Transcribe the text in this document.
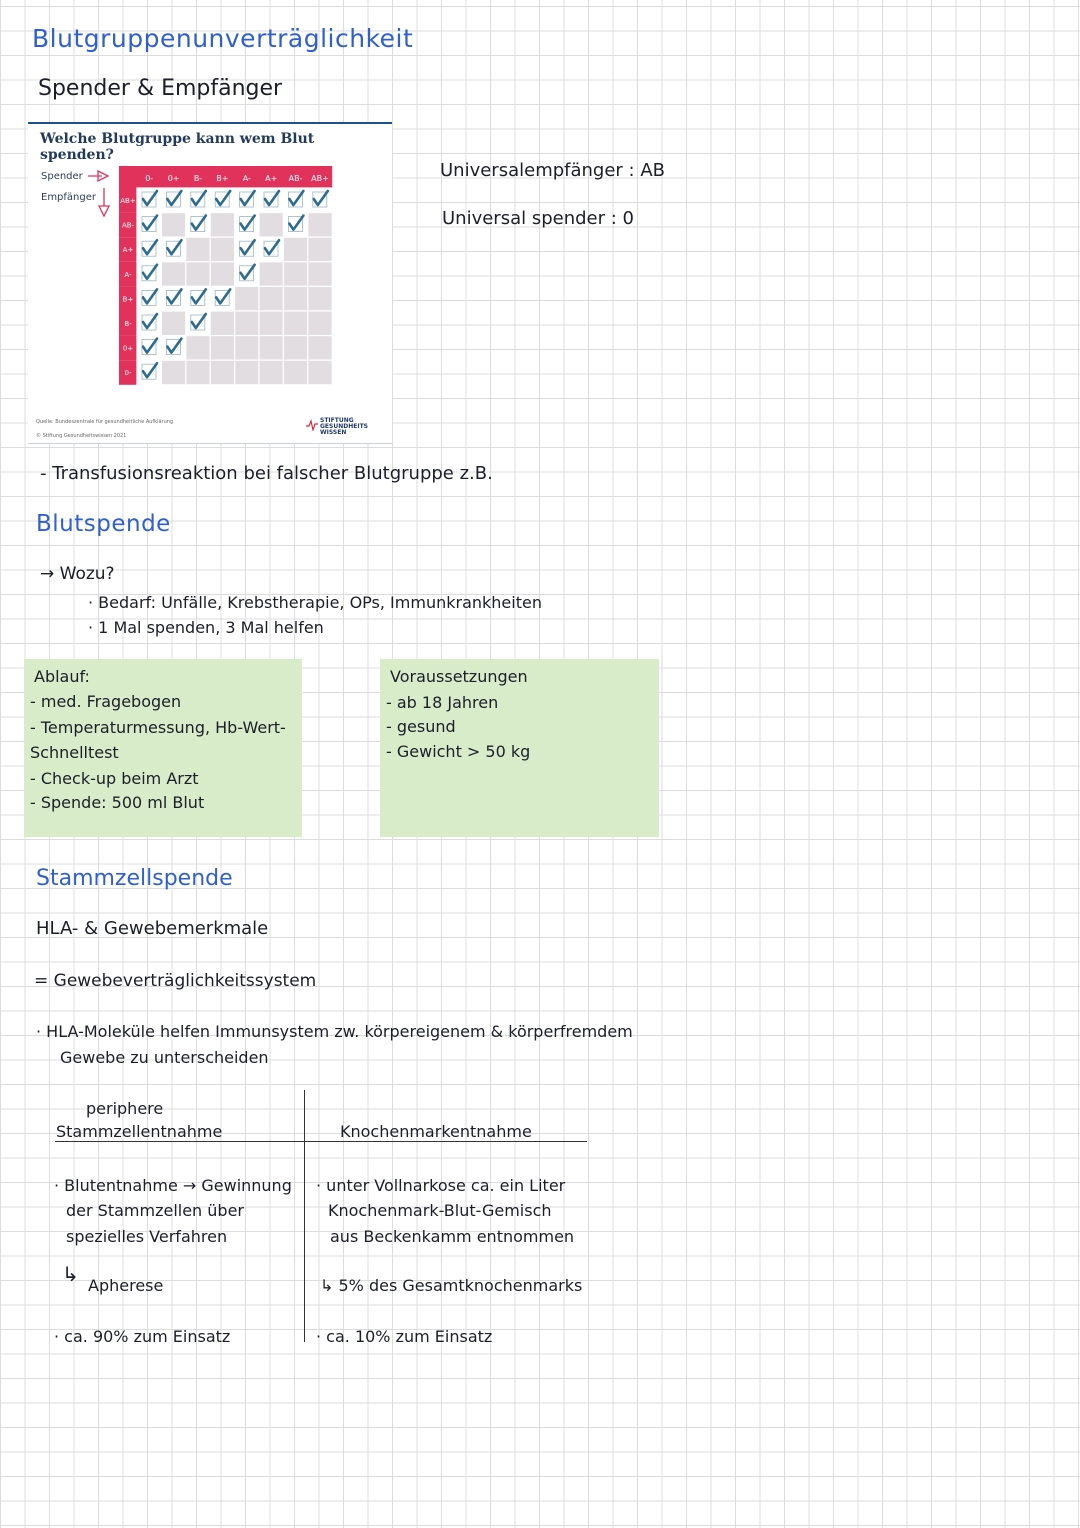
Blutgruppenunverträglichkeit
Spender & Empfänger
Welche Blutgruppe kann wem Blut spenden?
Spender
Empfänger
0- 0+ B- B+ A- A+ AB- AB+
AB+
AB-
A+
A-
B+
B-
0+
0-
Quelle: Bundeszentrale für gesundheitliche Aufklärung
© Stiftung Gesundheitswissen 2021
STIFTUNG
GESUNDHEITS
WISSEN
Universalempfänger : AB
Universal spender : 0
- Transfusionsreaktion bei falscher Blutgruppe z.B.
Blutspende
→ Wozu?
· Bedarf: Unfälle, Krebstherapie, OPs, Immunkrankheiten
· 1 Mal spenden, 3 Mal helfen
Ablauf:
- med. Fragebogen
- Temperaturmessung, Hb-Wert-
Schnelltest
- Check-up beim Arzt
- Spende: 500 ml Blut
Voraussetzungen
- ab 18 Jahren
- gesund
- Gewicht > 50 kg
Stammzellspende
HLA- & Gewebemerkmale
= Gewebeverträglichkeitssystem
· HLA-Moleküle helfen Immunsystem zw. körpereigenem & körperfremdem
Gewebe zu unterscheiden
periphere
Stammzellentnahme	Knochenmarkentnahme
· Blutentnahme → Gewinnung
der Stammzellen über
spezielles Verfahren
↳ Apherese
· ca. 90% zum Einsatz
· unter Vollnarkose ca. ein Liter
Knochenmark-Blut-Gemisch
aus Beckenkamm entnommen
↳ 5% des Gesamtknochenmarks
· ca. 10% zum Einsatz
